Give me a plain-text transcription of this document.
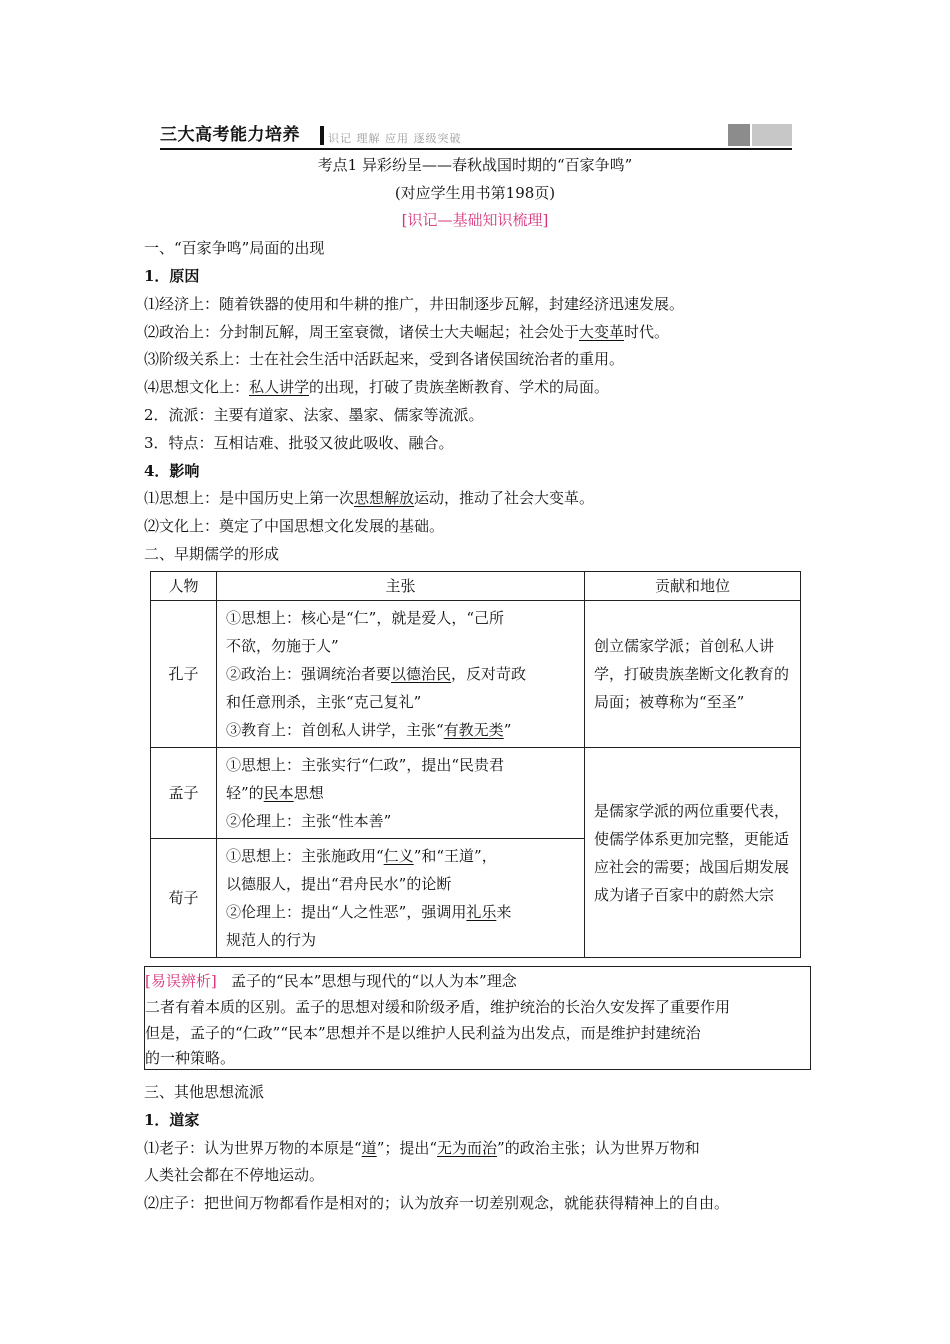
三大高考能力培养	识记 理解 应用 逐级突破
考点1 异彩纷呈——春秋战国时期的“百家争鸣”
(对应学生用书第198页)
[识记—基础知识梳理]
一、“百家争鸣”局面的出现
1．原因
⑴经济上：随着铁器的使用和牛耕的推广，井田制逐步瓦解，封建经济迅速发展。
⑵政治上：分封制瓦解，周王室衰微，诸侯士大夫崛起；社会处于大变革时代。
⑶阶级关系上：士在社会生活中活跃起来，受到各诸侯国统治者的重用。
⑷思想文化上：私人讲学的出现，打破了贵族垄断教育、学术的局面。
2．流派：主要有道家、法家、墨家、儒家等流派。
3．特点：互相诘难、批驳又彼此吸收、融合。
4．影响
⑴思想上：是中国历史上第一次思想解放运动，推动了社会大变革。
⑵文化上：奠定了中国思想文化发展的基础。
二、早期儒学的形成
人物	主张	贡献和地位
孔子	①思想上：核心是“仁”，就是爱人，“己所
不欲，勿施于人”
②政治上：强调统治者要以德治民，反对苛政
和任意刑杀，主张“克己复礼”
③教育上：首创私人讲学，主张“有教无类”	创立儒家学派；首创私人讲学，打破贵族垄断文化教育的局面；被尊称为“至圣”
孟子	①思想上：主张实行“仁政”，提出“民贵君
轻”的民本思想
②伦理上：主张“性本善”	是儒家学派的两位重要代表，使儒学体系更加完整，更能适应社会的需要；战国后期发展成为诸子百家中的蔚然大宗
荀子	①思想上：主张施政用“仁义”和“王道”，
以德服人，提出“君舟民水”的论断
②伦理上：提出“人之性恶”，强调用礼乐来
规范人的行为	
[易误辨析] 孟子的“民本”思想与现代的“以人为本”理念
二者有着本质的区别。孟子的思想对缓和阶级矛盾，维护统治的长治久安发挥了重要作用
但是，孟子的“仁政”“民本”思想并不是以维护人民利益为出发点，而是维护封建统治
的一种策略。
三、其他思想流派
1．道家
⑴老子：认为世界万物的本原是“道”；提出“无为而治”的政治主张；认为世界万物和
人类社会都在不停地运动。
⑵庄子：把世间万物都看作是相对的；认为放弃一切差别观念，就能获得精神上的自由。
